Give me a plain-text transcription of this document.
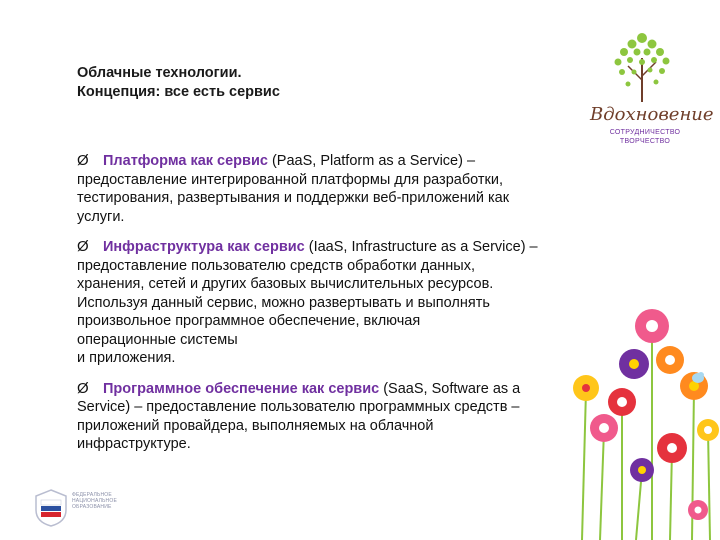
Облачные технологии.
Концепция: все есть сервис
Вдохновение
СОТРУДНИЧЕСТВО
ТВОРЧЕСТВО
Ø Платформа как сервис (PaaS, Platform as a Service) –
предоставление интегрированной платформы для разработки,
тестирования, развертывания и поддержки веб-приложений как
услуги.
Ø Инфраструктура как сервис (IaaS, Infrastructure as a Service) –
предоставление пользователю средств обработки данных,
хранения, сетей и других базовых вычислительных ресурсов.
Используя данный сервис, можно развертывать и выполнять
произвольное программное обеспечение, включая
операционные системы
и приложения.
Ø Программное обеспечение как сервис (SaaS, Software as a
Service) – предоставление пользователю программных средств –
приложений провайдера, выполняемых на облачной
инфраструктуре.
ФЕДЕРАЛЬНОЕ
НАЦИОНАЛЬНОЕ
ОБРАЗОВАНИЕ
